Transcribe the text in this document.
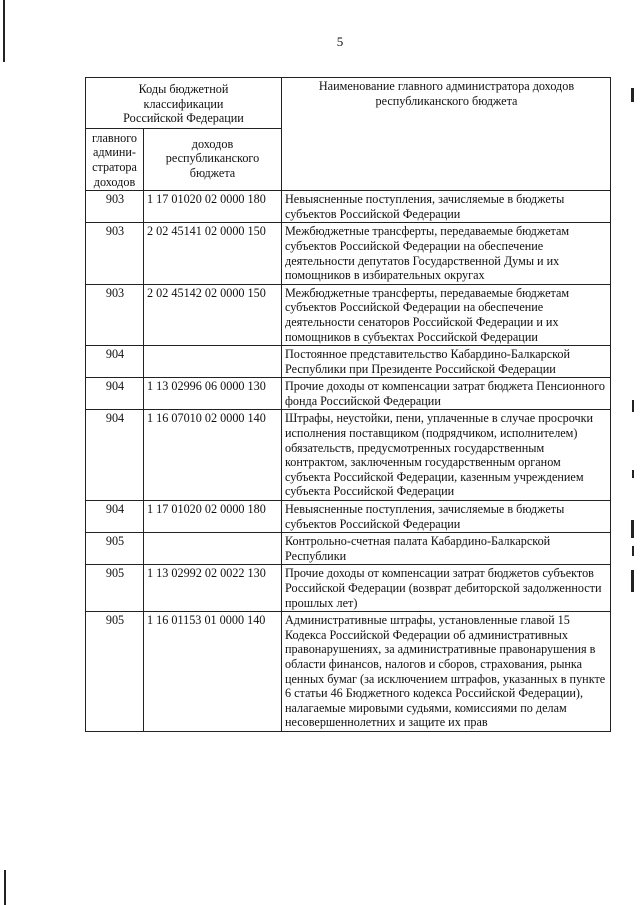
5
Коды бюджетной классификации Российской Федерации		Наименование главного администратора доходов республиканского бюджета
главного админи-стратора доходов	доходов республиканского бюджета	
903	1 17 01020 02 0000 180	Невыясненные поступления, зачисляемые в бюджеты субъектов Российской Федерации
903	2 02 45141 02 0000 150	Межбюджетные трансферты, передаваемые бюджетам субъектов Российской Федерации на обеспечение деятельности депутатов Государственной Думы и их помощников в избирательных округах
903	2 02 45142 02 0000 150	Межбюджетные трансферты, передаваемые бюджетам субъектов Российской Федерации на обеспечение деятельности сенаторов Российской Федерации и их помощников в субъектах Российской Федерации
904		Постоянное представительство Кабардино-Балкарской Республики при Президенте Российской Федерации
904	1 13 02996 06 0000 130	Прочие доходы от компенсации затрат бюджета Пенсионного фонда Российской Федерации
904	1 16 07010 02 0000 140	Штрафы, неустойки, пени, уплаченные в случае просрочки исполнения поставщиком (подрядчиком, исполнителем) обязательств, предусмотренных государственным контрактом, заключенным государственным органом субъекта Российской Федерации, казенным учреждением субъекта Российской Федерации
904	1 17 01020 02 0000 180	Невыясненные поступления, зачисляемые в бюджеты субъектов Российской Федерации
905		Контрольно-счетная палата Кабардино-Балкарской Республики
905	1 13 02992 02 0022 130	Прочие доходы от компенсации затрат бюджетов субъектов Российской Федерации (возврат дебиторской задолженности прошлых лет)
905	1 16 01153 01 0000 140	Административные штрафы, установленные главой 15 Кодекса Российской Федерации об административных правонарушениях, за административные правонарушения в области финансов, налогов и сборов, страхования, рынка ценных бумаг (за исключением штрафов, указанных в пункте 6 статьи 46 Бюджетного кодекса Российской Федерации), налагаемые мировыми судьями, комиссиями по делам несовершеннолетних и защите их прав
